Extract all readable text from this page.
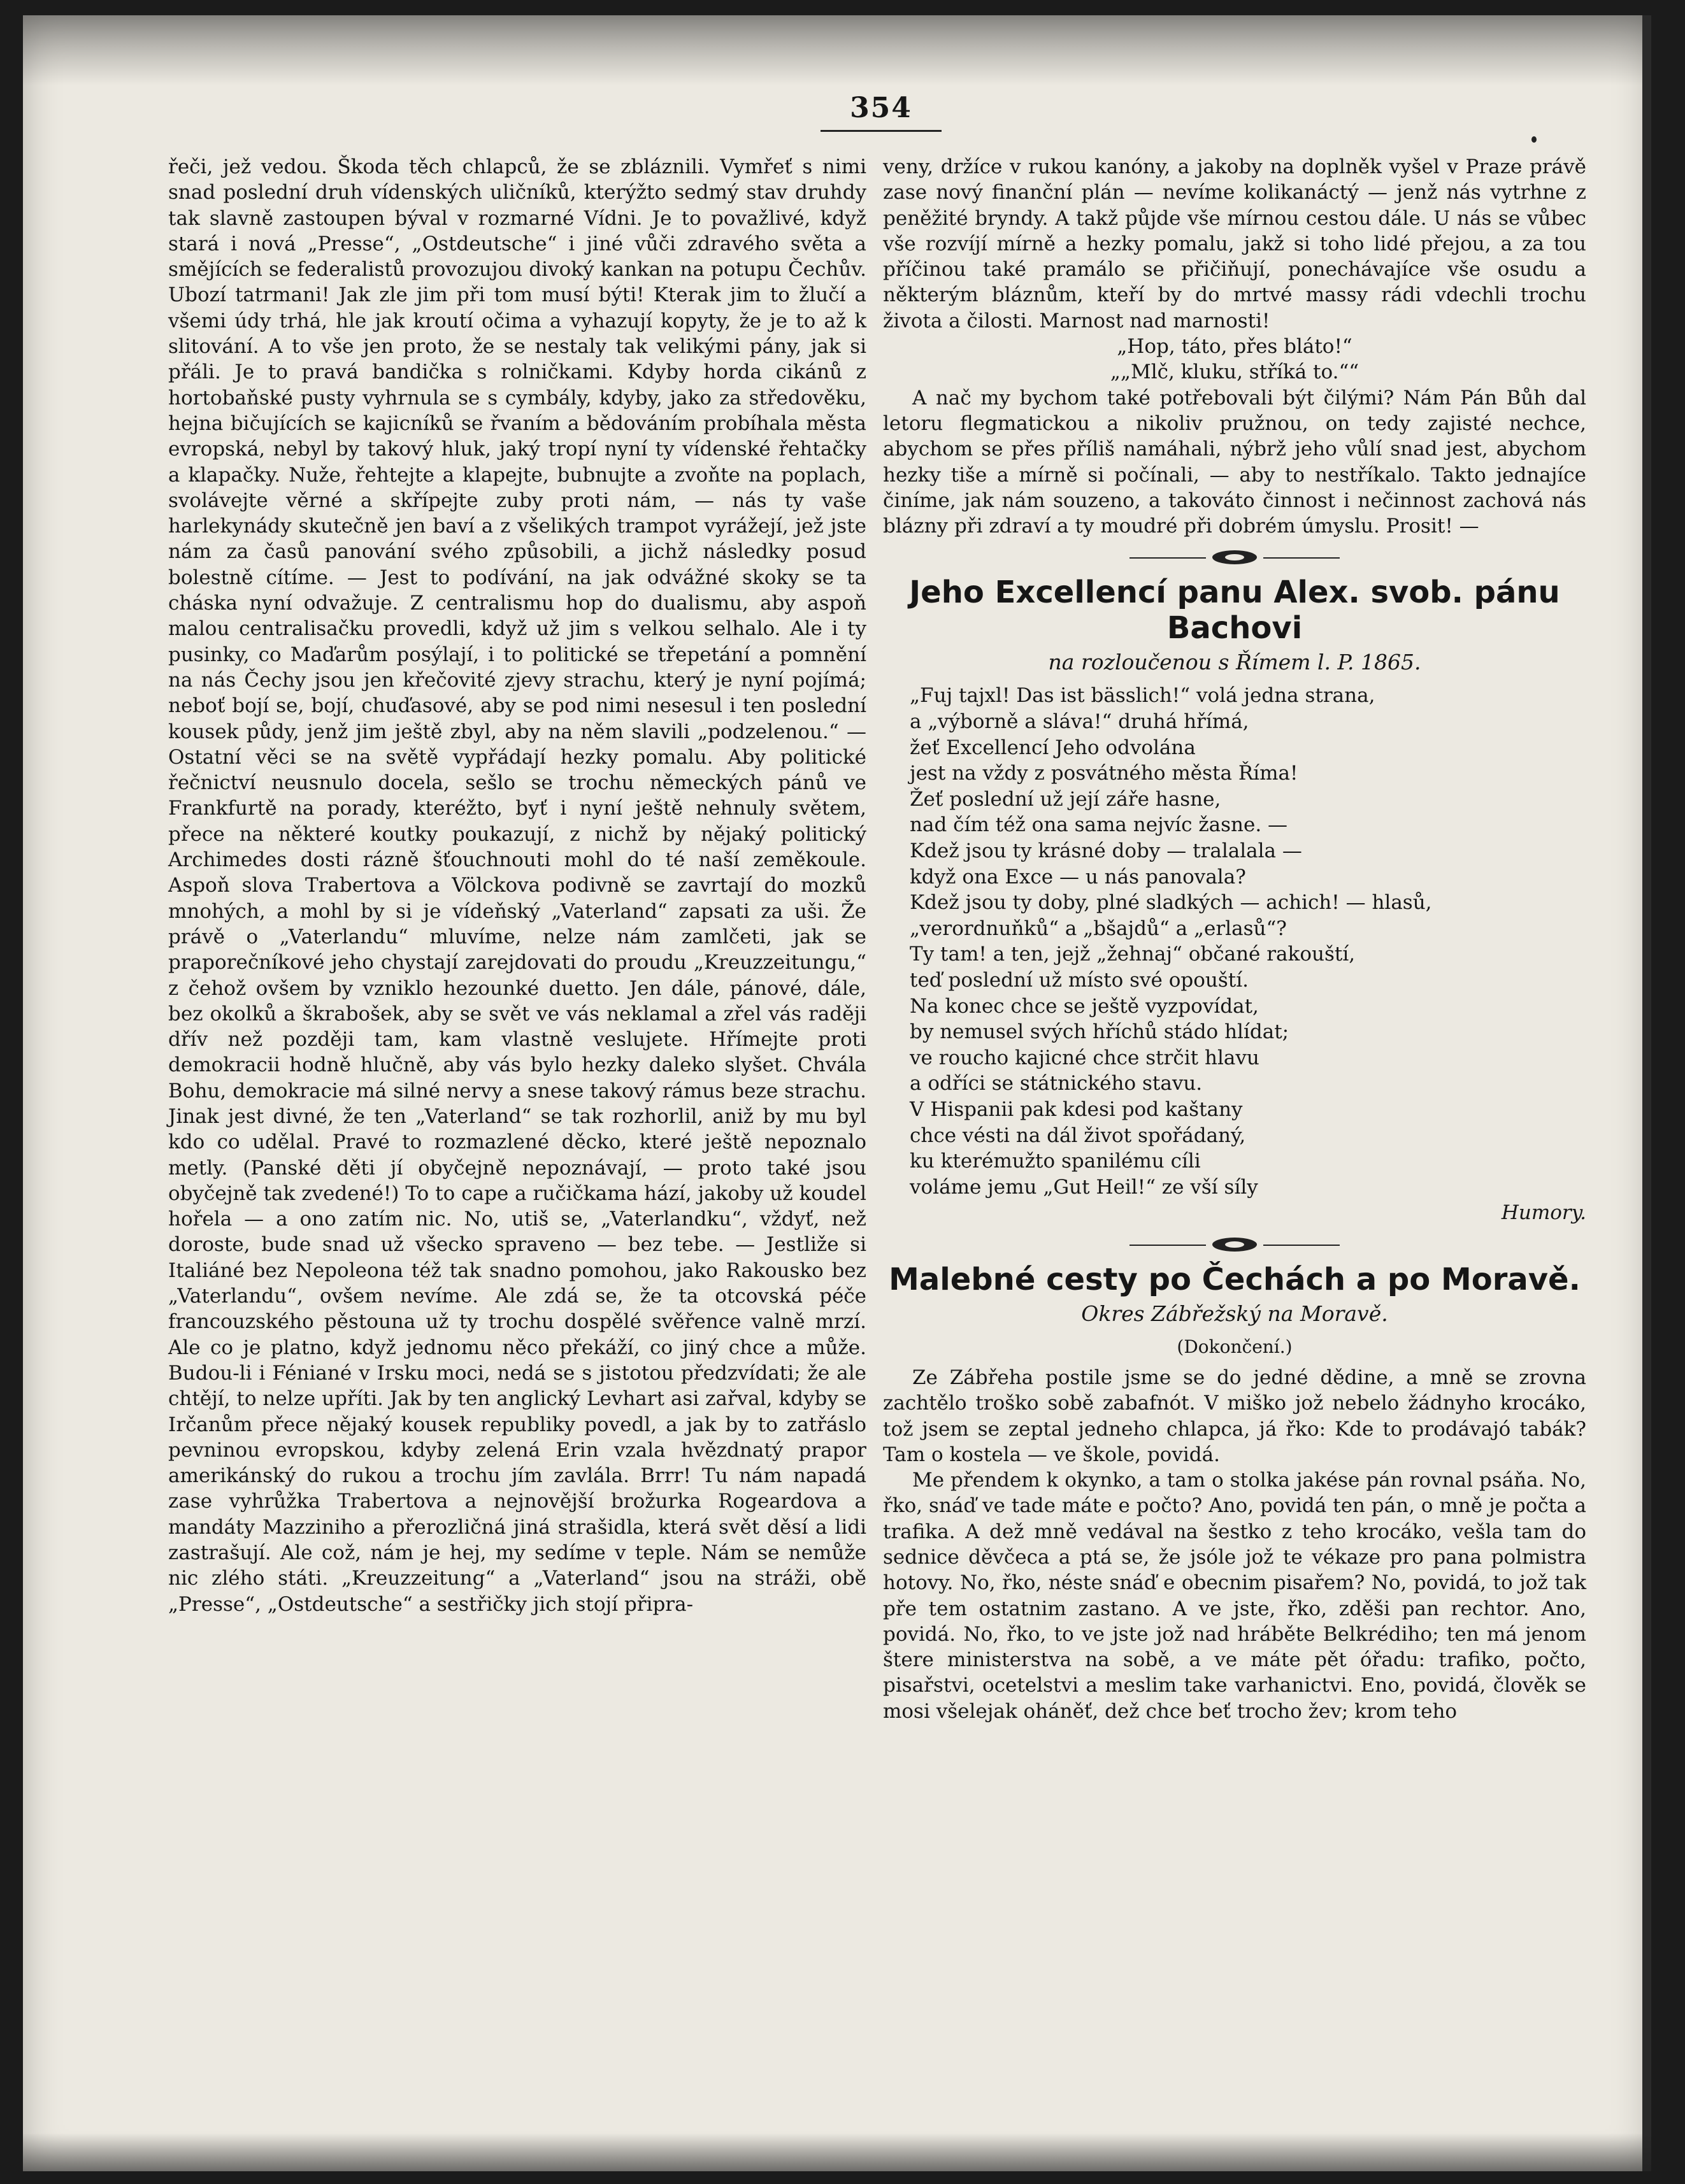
354

řeči, jež vedou. Škoda těch chlapců, že se zbláznili. Vymřeť s nimi snad poslední druh vídenských uličníků, kterýžto sedmý stav druhdy tak slavně zastoupen býval v rozmarné Vídni. Je to považlivé, když stará i nová „Presse“, „Ostdeutsche“ i jiné vůči zdravého světa a smějících se federalistů provozujou divoký kankan na potupu Čechův. Ubozí tatrmani! Jak zle jim při tom musí býti! Kterak jim to žlučí a všemi údy trhá, hle jak kroutí očima a vyhazují kopyty, že je to až k slitování. A to vše jen proto, že se nestaly tak velikými pány, jak si přáli. Je to pravá bandička s rolničkami. Kdyby horda cikánů z hortobaňské pusty vyhrnula se s cymbály, kdyby, jako za středověku, hejna bičujících se kajicníků se řvaním a bědováním probíhala města evropská, nebyl by takový hluk, jaký tropí nyní ty vídenské řehtačky a klapačky. Nuže, řehtejte a klapejte, bubnujte a zvoňte na poplach, svolávejte věrné a skřípejte zuby proti nám, — nás ty vaše harlekynády skutečně jen baví a z všelikých trampot vyrážejí, jež jste nám za časů panování svého způsobili, a jichž následky posud bolestně cítíme. — Jest to podívání, na jak odvážné skoky se ta cháska nyní odvažuje. Z centralismu hop do dualismu, aby aspoň malou centralisačku provedli, když už jim s velkou selhalo. Ale i ty pusinky, co Maďarům posýlají, i to politické se třepetání a pomnění na nás Čechy jsou jen křečovité zjevy strachu, který je nyní pojímá; neboť bojí se, bojí, chuďasové, aby se pod nimi nesesul i ten poslední kousek půdy, jenž jim ještě zbyl, aby na něm slavili „podzelenou.“ — Ostatní věci se na světě vypřádají hezky pomalu. Aby politické řečnictví neusnulo docela, sešlo se trochu německých pánů ve Frankfurtě na porady, kteréžto, byť i nyní ještě nehnuly světem, přece na některé koutky poukazují, z nichž by nějaký politický Archimedes dosti rázně šťouchnouti mohl do té naší zeměkoule. Aspoň slova Trabertova a Völckova podivně se zavrtají do mozků mnohých, a mohl by si je vídeňský „Vaterland“ zapsati za uši. Že právě o „Vaterlandu“ mluvíme, nelze nám zamlčeti, jak se praporečníkové jeho chystají zarejdovati do proudu „Kreuzzeitungu,“ z čehož ovšem by vzniklo hezounké duetto. Jen dále, pánové, dále, bez okolků a škrabošek, aby se svět ve vás neklamal a zřel vás raději dřív než později tam, kam vlastně veslujete. Hřímejte proti demokracii hodně hlučně, aby vás bylo hezky daleko slyšet. Chvála Bohu, demokracie má silné nervy a snese takový rámus beze strachu. Jinak jest divné, že ten „Vaterland“ se tak rozhorlil, aniž by mu byl kdo co udělal. Pravé to rozmazlené děcko, které ještě nepoznalo metly. (Panské děti jí obyčejně nepoznávají, — proto také jsou obyčejně tak zvedené!) To to cape a ručičkama hází, jakoby už koudel hořela — a ono zatím nic. No, utiš se, „Vaterlandku“, vždyť, než doroste, bude snad už všecko spraveno — bez tebe. — Jestliže si Italiáné bez Nepoleona též tak snadno pomohou, jako Rakousko bez „Vaterlandu“, ovšem nevíme. Ale zdá se, že ta otcovská péče francouzského pěstouna už ty trochu dospělé svěřence valně mrzí. Ale co je platno, když jednomu něco překáží, co jiný chce a může. Budou-li i Féniané v Irsku moci, nedá se s jistotou předzvídati; že ale chtějí, to nelze upříti. Jak by ten anglický Levhart asi zařval, kdyby se Irčanům přece nějaký kousek republiky povedl, a jak by to zatřáslo pevninou evropskou, kdyby zelená Erin vzala hvězdnatý prapor amerikánský do rukou a trochu jím zavlála. Brrr! Tu nám napadá zase vyhrůžka Trabertova a nejnovější brožurka Rogeardova a mandáty Mazziniho a přerozličná jiná strašidla, která svět děsí a lidi zastrašují. Ale což, nám je hej, my sedíme v teple. Nám se nemůže nic zlého státi. „Kreuzzeitung“ a „Vaterland“ jsou na stráži, obě „Presse“, „Ostdeutsche“ a sestřičky jich stojí připra-

veny, držíce v rukou kanóny, a jakoby na doplněk vyšel v Praze právě zase nový finanční plán — nevíme kolikanáctý — jenž nás vytrhne z peněžité bryndy. A takž půjde vše mírnou cestou dále. U nás se vůbec vše rozvíjí mírně a hezky pomalu, jakž si toho lidé přejou, a za tou příčinou také pramálo se přičiňují, ponechávajíce vše osudu a některým bláznům, kteří by do mrtvé massy rádi vdechli trochu života a čilosti. Marnost nad marnosti!

„Hop, táto, přes bláto!“

„„Mlč, kluku, stříká to.““

A nač my bychom také potřebovali být čilými? Nám Pán Bůh dal letoru flegmatickou a nikoliv pružnou, on tedy zajisté nechce, abychom se přes příliš namáhali, nýbrž jeho vůlí snad jest, abychom hezky tiše a mírně si počínali, — aby to nestříkalo. Takto jednajíce činíme, jak nám souzeno, a takováto činnost i nečinnost zachová nás blázny při zdraví a ty moudré při dobrém úmyslu. Prosit! —

Jeho Excellencí panu Alex. svob. pánu Bachovi
na rozloučenou s Římem l. P. 1865.
„Fuj tajxl! Das ist bässlich!“ volá jedna strana,
a „výborně a sláva!“ druhá hřímá,
žeť Excellencí Jeho odvolána
jest na vždy z posvátného města Říma!
Žeť poslední už její záře hasne,
nad čím též ona sama nejvíc žasne. —
Kdež jsou ty krásné doby — tralalala —
když ona Exce — u nás panovala?
Kdež jsou ty doby, plné sladkých — achich! — hlasů,
„verordnuňků“ a „bšajdů“ a „erlasů“?
Ty tam! a ten, jejž „žehnaj“ občané rakouští,
teď poslední už místo své opouští.
Na konec chce se ještě vyzpovídat,
by nemusel svých hříchů stádo hlídat;
ve roucho kajicné chce strčit hlavu
a odříci se státnického stavu.
V Hispanii pak kdesi pod kaštany
chce vésti na dál život spořádaný,
ku kterémužto spanilému cíli
voláme jemu „Gut Heil!“ ze vší síly

Humory.

Malebné cesty po Čechách a po Moravě.
Okres Zábřežský na Moravě.
(Dokončení.)

Ze Zábřeha postile jsme se do jedné dědine, a mně se zrovna zachtělo troško sobě zabafnót. V miško jož nebelo žádnyho krocáko, tož jsem se zeptal jedneho chlapca, já řko: Kde to prodávajó tabák? Tam o kostela — ve škole, povidá.

Me přendem k okynko, a tam o stolka jakése pán rovnal psáňa. No, řko, snáď ve tade máte e počto? Ano, povidá ten pán, o mně je počta a trafika. A dež mně vedával na šestko z teho krocáko, vešla tam do sednice děvčeca a ptá se, že jsóle jož te vékaze pro pana polmistra hotovy. No, řko, néste snáď e obecnim pisařem? No, povidá, to jož tak pře tem ostatnim zastano. A ve jste, řko, zděši pan rechtor. Ano, povidá. No, řko, to ve jste jož nad hráběte Belkrédiho; ten má jenom štere ministerstva na sobě, a ve máte pět óřadu: trafiko, počto, pisařstvi, ocetelstvi a meslim take varhanictvi. Eno, povidá, člověk se mosi všelejak oháněť, dež chce beť trocho žev; krom teho
